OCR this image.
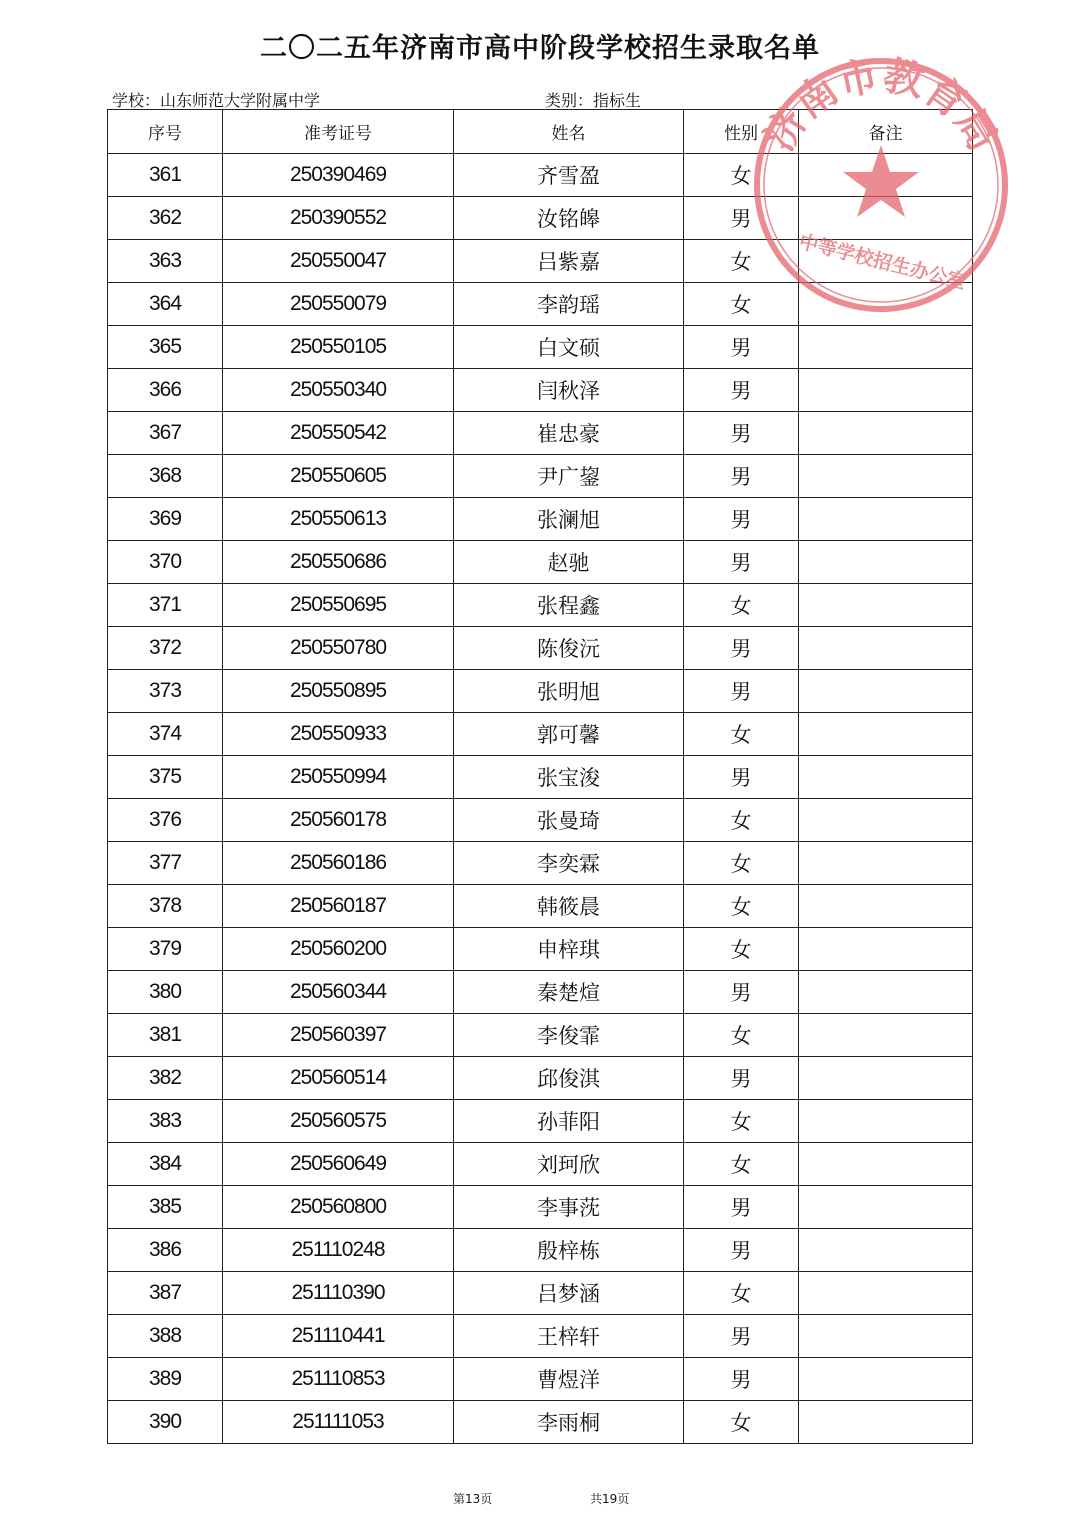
二〇二五年济南市高中阶段学校招生录取名单
学校：山东师范大学附属中学	类别：指标生
序号	准考证号	姓名	性别	备注
361	250390469	齐雪盈	女	
362	250390552	汝铭皞	男	
363	250550047	吕紫嘉	女	
364	250550079	李韵瑶	女	
365	250550105	白文硕	男	
366	250550340	闫秋泽	男	
367	250550542	崔忠豪	男	
368	250550605	尹广鋆	男	
369	250550613	张澜旭	男	
370	250550686	赵驰	男	
371	250550695	张程鑫	女	
372	250550780	陈俊沅	男	
373	250550895	张明旭	男	
374	250550933	郭可馨	女	
375	250550994	张宝浚	男	
376	250560178	张曼琦	女	
377	250560186	李奕霖	女	
378	250560187	韩筱晨	女	
379	250560200	申梓琪	女	
380	250560344	秦楚煊	男	
381	250560397	李俊霏	女	
382	250560514	邱俊淇	男	
383	250560575	孙菲阳	女	
384	250560649	刘珂欣	女	
385	250560800	李事莐	男	
386	251110248	殷梓栋	男	
387	251110390	吕梦涵	女	
388	251110441	王梓轩	男	
389	251110853	曹煜洋	男	
390	251111053	李雨桐	女	
第13页	共19页
济南市教育局
中等学校招生办公室
